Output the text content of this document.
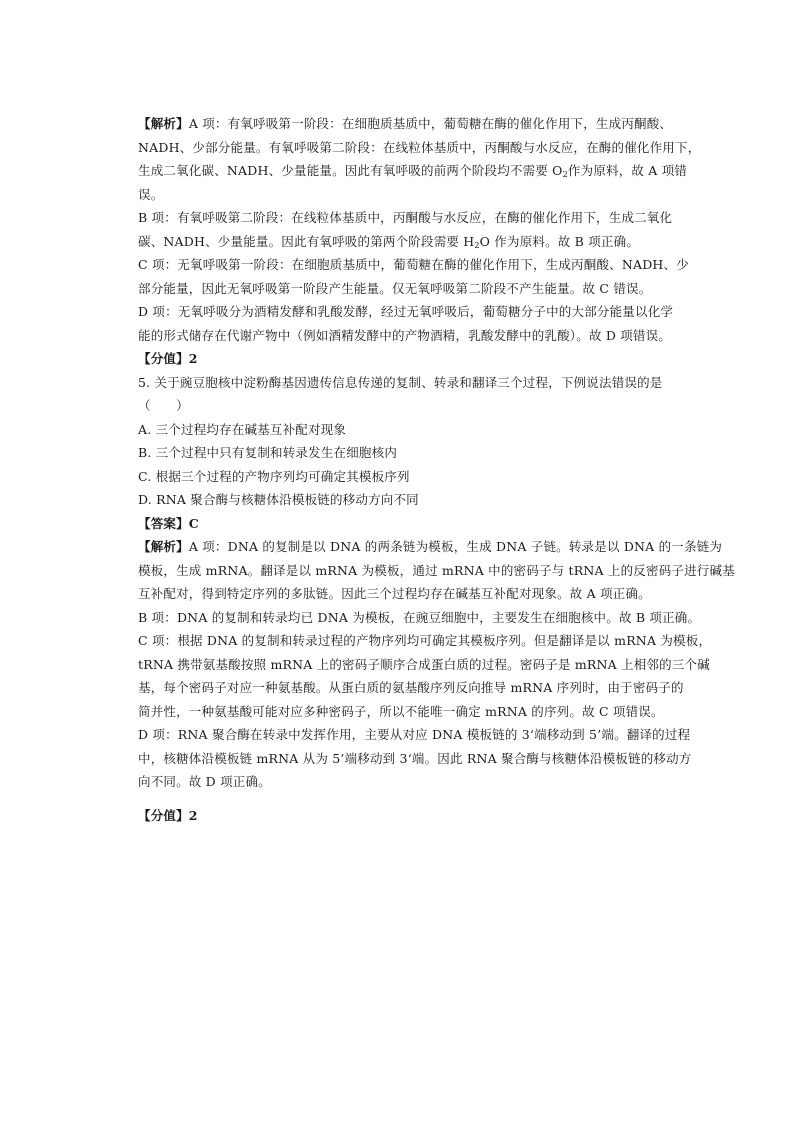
【解析】A 项：有氧呼吸第一阶段：在细胞质基质中，葡萄糖在酶的催化作用下，生成丙酮酸、
NADH、少部分能量。有氧呼吸第二阶段：在线粒体基质中，丙酮酸与水反应，在酶的催化作用下，
生成二氧化碳、NADH、少量能量。因此有氧呼吸的前两个阶段均不需要 $O_2$作为原料，故 A 项错
误。
B 项：有氧呼吸第二阶段：在线粒体基质中，丙酮酸与水反应，在酶的催化作用下，生成二氧化
碳、NADH、少量能量。因此有氧呼吸的第两个阶段需要 $H_2O$ 作为原料。故 B 项正确。
C 项：无氧呼吸第一阶段：在细胞质基质中，葡萄糖在酶的催化作用下，生成丙酮酸、NADH、少
部分能量，因此无氧呼吸第一阶段产生能量。仅无氧呼吸第二阶段不产生能量。故 C 错误。
D 项：无氧呼吸分为酒精发酵和乳酸发酵，经过无氧呼吸后，葡萄糖分子中的大部分能量以化学
能的形式储存在代谢产物中（例如酒精发酵中的产物酒精，乳酸发酵中的乳酸）。故 D 项错误。
【分值】2
5. 关于豌豆胞核中淀粉酶基因遗传信息传递的复制、转录和翻译三个过程，下例说法错误的是
（　　）
A. 三个过程均存在碱基互补配对现象
B. 三个过程中只有复制和转录发生在细胞核内
C. 根据三个过程的产物序列均可确定其模板序列
D. RNA 聚合酶与核糖体沿模板链的移动方向不同
【答案】C
【解析】A 项：DNA 的复制是以 DNA 的两条链为模板，生成 DNA 子链。转录是以 DNA 的一条链为
模板，生成 mRNA。翻译是以 mRNA 为模板，通过 mRNA 中的密码子与 tRNA 上的反密码子进行碱基
互补配对，得到特定序列的多肽链。因此三个过程均存在碱基互补配对现象。故 A 项正确。
B 项：DNA 的复制和转录均已 DNA 为模板，在豌豆细胞中，主要发生在细胞核中。故 B 项正确。
C 项：根据 DNA 的复制和转录过程的产物序列均可确定其模板序列。但是翻译是以 mRNA 为模板，
tRNA 携带氨基酸按照 mRNA 上的密码子顺序合成蛋白质的过程。密码子是 mRNA 上相邻的三个碱
基，每个密码子对应一种氨基酸。从蛋白质的氨基酸序列反向推导 mRNA 序列时，由于密码子的
简并性，一种氨基酸可能对应多种密码子，所以不能唯一确定 mRNA 的序列。故 C 项错误。
D 项：RNA 聚合酶在转录中发挥作用，主要从对应 DNA 模板链的 3‘端移动到 5’端。翻译的过程
中，核糖体沿模板链 mRNA 从为 5’端移动到 3‘端。因此 RNA 聚合酶与核糖体沿模板链的移动方
向不同。故 D 项正确。
【分值】2
